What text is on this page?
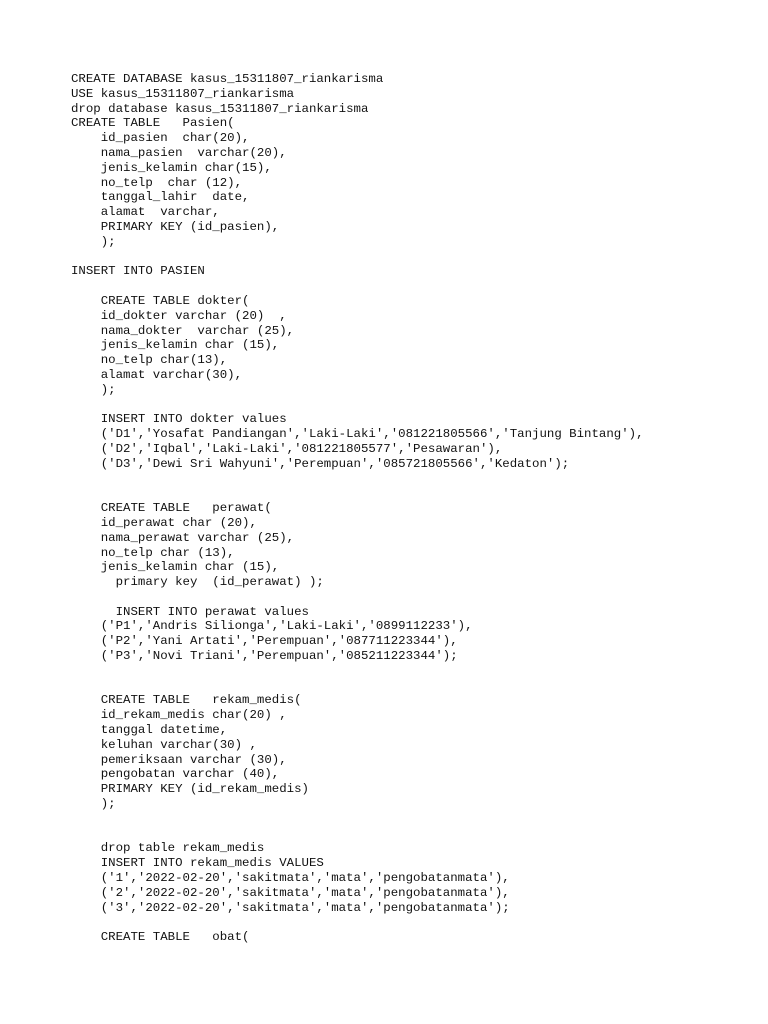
CREATE DATABASE kasus_15311807_riankarisma
USE kasus_15311807_riankarisma
drop database kasus_15311807_riankarisma
CREATE TABLE   Pasien(
id_pasien  char(20),
nama_pasien  varchar(20),
jenis_kelamin char(15),
no_telp  char (12),
tanggal_lahir  date,
alamat  varchar,
PRIMARY KEY (id_pasien),
);
INSERT INTO PASIEN
CREATE TABLE dokter(
id_dokter varchar (20)  ,
nama_dokter  varchar (25),
jenis_kelamin char (15),
no_telp char(13),
alamat varchar(30),
);
INSERT INTO dokter values
('D1','Yosafat Pandiangan','Laki-Laki','081221805566','Tanjung Bintang'),
('D2','Iqbal','Laki-Laki','081221805577','Pesawaran'),
('D3','Dewi Sri Wahyuni','Perempuan','085721805566','Kedaton');
CREATE TABLE   perawat(
id_perawat char (20),
nama_perawat varchar (25),
no_telp char (13),
jenis_kelamin char (15),
primary key  (id_perawat) );
INSERT INTO perawat values
('P1','Andris Silionga','Laki-Laki','0899112233'),
('P2','Yani Artati','Perempuan','087711223344'),
('P3','Novi Triani','Perempuan','085211223344');
CREATE TABLE   rekam_medis(
id_rekam_medis char(20) ,
tanggal datetime,
keluhan varchar(30) ,
pemeriksaan varchar (30),
pengobatan varchar (40),
PRIMARY KEY (id_rekam_medis)
);
drop table rekam_medis
INSERT INTO rekam_medis VALUES
('1','2022-02-20','sakitmata','mata','pengobatanmata'),
('2','2022-02-20','sakitmata','mata','pengobatanmata'),
('3','2022-02-20','sakitmata','mata','pengobatanmata');
CREATE TABLE   obat(
